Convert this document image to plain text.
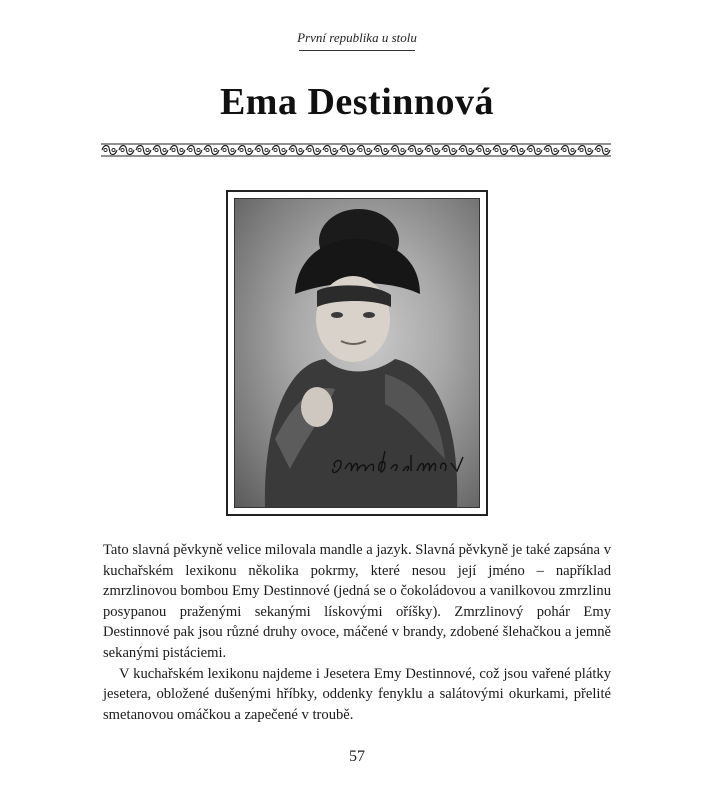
První republika u stolu
Ema Destinnová

Tato slavná pěvkyně velice milovala mandle a jazyk. Slavná pěvkyně je také zapsána v kuchařském lexikonu několika pokrmy, které nesou její jméno – například zmrzlinovou bombou Emy Destinnové (jedná se o čokoládovou a vanilkovou zmrzlinu posypanou praženými sekanými lískovými oříšky). Zmrzlinový pohár Emy Destinnové pak jsou různé druhy ovoce, máčené v brandy, zdobené šlehačkou a jemně sekanými pistáciemi.

V kuchařském lexikonu najdeme i Jesetera Emy Destinnové, což jsou vařené plátky jesetera, obložené dušenými hříbky, oddenky fenyklu a salátovými okurkami, přelité smetanovou omáčkou a zapečené v troubě.

57
